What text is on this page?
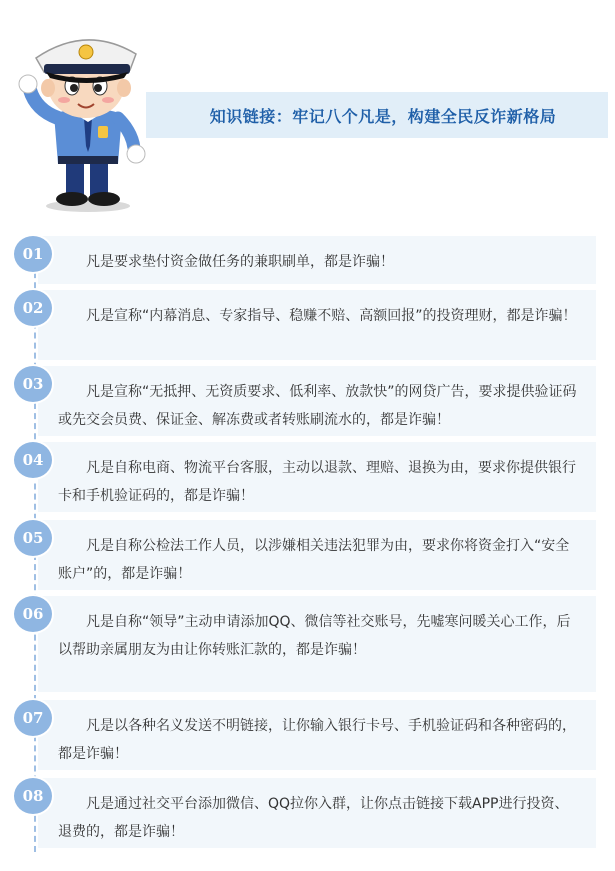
知识链接：牢记八个凡是，构建全民反诈新格局

凡是要求垫付资金做任务的兼职刷单，都是诈骗！

01

凡是宣称“内幕消息、专家指导、稳赚不赔、高额回报”的投资理财，都是诈骗！

02

凡是宣称“无抵押、无资质要求、低利率、放款快”的网贷广告，要求提供验证码或先交会员费、保证金、解冻费或者转账刷流水的，都是诈骗！

03

凡是自称电商、物流平台客服，主动以退款、理赔、退换为由，要求你提供银行卡和手机验证码的，都是诈骗！

04

凡是自称公检法工作人员，以涉嫌相关违法犯罪为由，要求你将资金打入“安全账户”的，都是诈骗！

05

凡是自称“领导”主动申请添加QQ、微信等社交账号，先嘘寒问暖关心工作，后以帮助亲属朋友为由让你转账汇款的，都是诈骗！

06

凡是以各种名义发送不明链接，让你输入银行卡号、手机验证码和各种密码的，都是诈骗！

07

凡是通过社交平台添加微信、QQ拉你入群，让你点击链接下载APP进行投资、退费的，都是诈骗！

08
